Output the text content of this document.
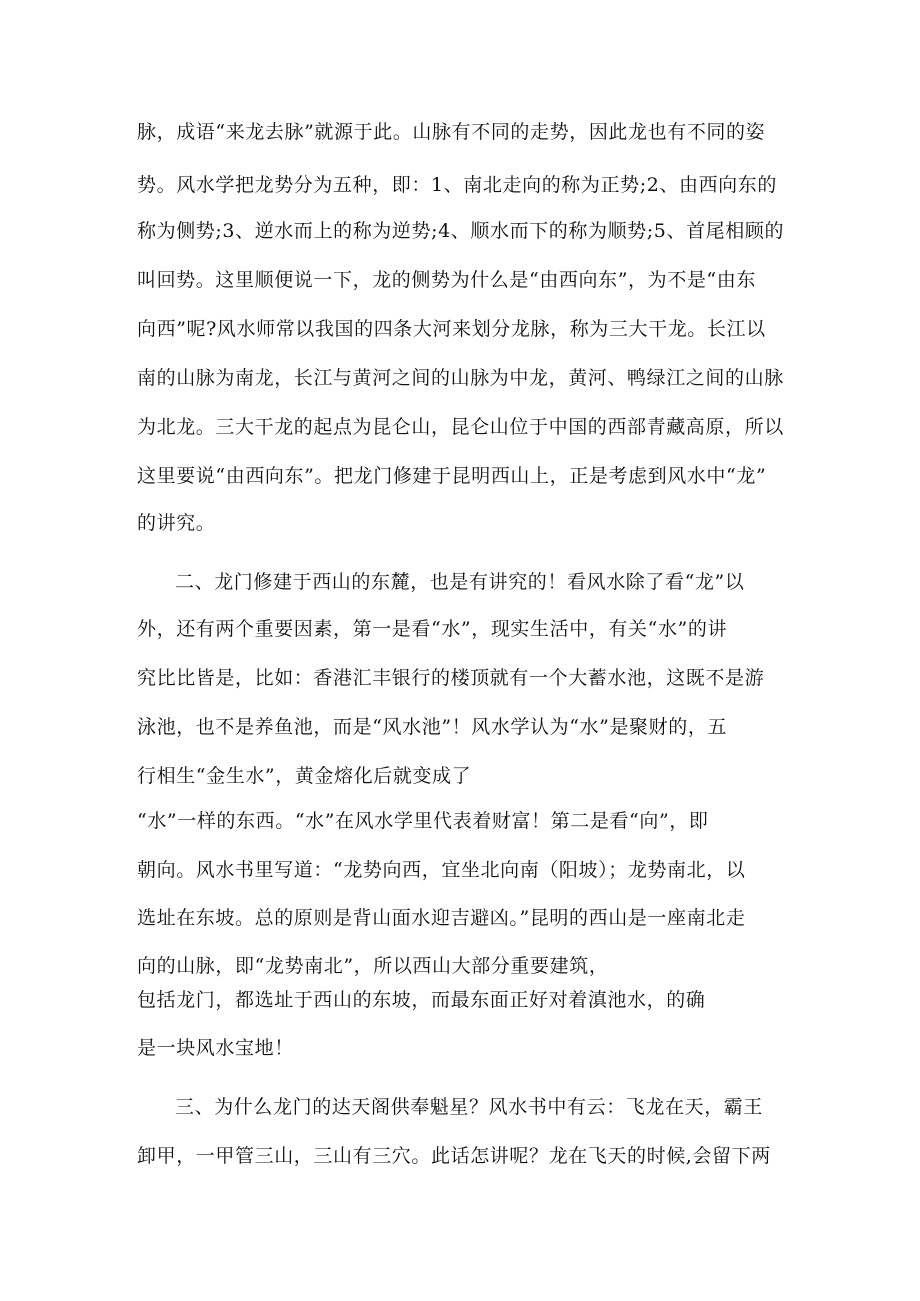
脉，成语“来龙去脉”就源于此。山脉有不同的走势，因此龙也有不同的姿
势。风水学把龙势分为五种，即：1、南北走向的称为正势;2、由西向东的
称为侧势;3、逆水而上的称为逆势;4、顺水而下的称为顺势;5、首尾相顾的
叫回势。这里顺便说一下，龙的侧势为什么是“由西向东”，为不是“由东
向西”呢?风水师常以我国的四条大河来划分龙脉，称为三大干龙。长江以
南的山脉为南龙，长江与黄河之间的山脉为中龙，黄河、鸭绿江之间的山脉
为北龙。三大干龙的起点为昆仑山，昆仑山位于中国的西部青藏高原，所以
这里要说“由西向东”。把龙门修建于昆明西山上，正是考虑到风水中“龙”
的讲究。
二、龙门修建于西山的东麓，也是有讲究的！看风水除了看“龙”以
外，还有两个重要因素，第一是看“水”，现实生活中，有关“水”的讲
究比比皆是，比如：香港汇丰银行的楼顶就有一个大蓄水池，这既不是游
泳池，也不是养鱼池，而是“风水池”！风水学认为“水”是聚财的，五
行相生“金生水”，黄金熔化后就变成了
“水”一样的东西。“水”在风水学里代表着财富！第二是看“向”，即
朝向。风水书里写道：“龙势向西，宜坐北向南（阳坡）；龙势南北，以
选址在东坡。总的原则是背山面水迎吉避凶。”昆明的西山是一座南北走
向的山脉，即“龙势南北”，所以西山大部分重要建筑，
包括龙门，都选址于西山的东坡，而最东面正好对着滇池水，的确
是一块风水宝地！
三、为什么龙门的达天阁供奉魁星？风水书中有云：飞龙在天，霸王
卸甲，一甲管三山，三山有三穴。此话怎讲呢？龙在飞天的时候,会留下两
